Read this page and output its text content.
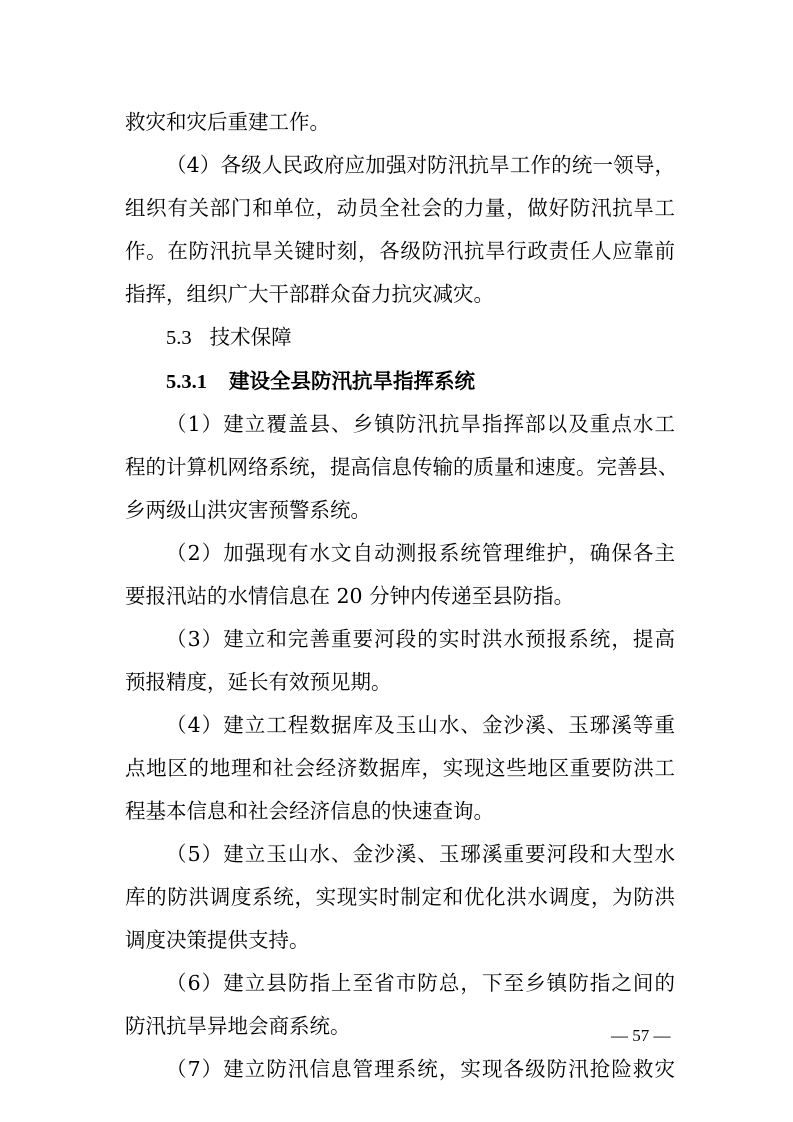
救灾和灾后重建工作。
（4）各级人民政府应加强对防汛抗旱工作的统一领导，
组织有关部门和单位，动员全社会的力量，做好防汛抗旱工
作。在防汛抗旱关键时刻，各级防汛抗旱行政责任人应靠前
指挥，组织广大干部群众奋力抗灾减灾。
5.3 技术保障
5.3.1 建设全县防汛抗旱指挥系统
（1）建立覆盖县、乡镇防汛抗旱指挥部以及重点水工
程的计算机网络系统，提高信息传输的质量和速度。完善县、
乡两级山洪灾害预警系统。
（2）加强现有水文自动测报系统管理维护，确保各主
要报汛站的水情信息在 20 分钟内传递至县防指。
（3）建立和完善重要河段的实时洪水预报系统，提高
预报精度，延长有效预见期。
（4）建立工程数据库及玉山水、金沙溪、玉琊溪等重
点地区的地理和社会经济数据库，实现这些地区重要防洪工
程基本信息和社会经济信息的快速查询。
（5）建立玉山水、金沙溪、玉琊溪重要河段和大型水
库的防洪调度系统，实现实时制定和优化洪水调度，为防洪
调度决策提供支持。
（6）建立县防指上至省市防总，下至乡镇防指之间的
防汛抗旱异地会商系统。
（7）建立防汛信息管理系统，实现各级防汛抢险救灾
— 57 —
